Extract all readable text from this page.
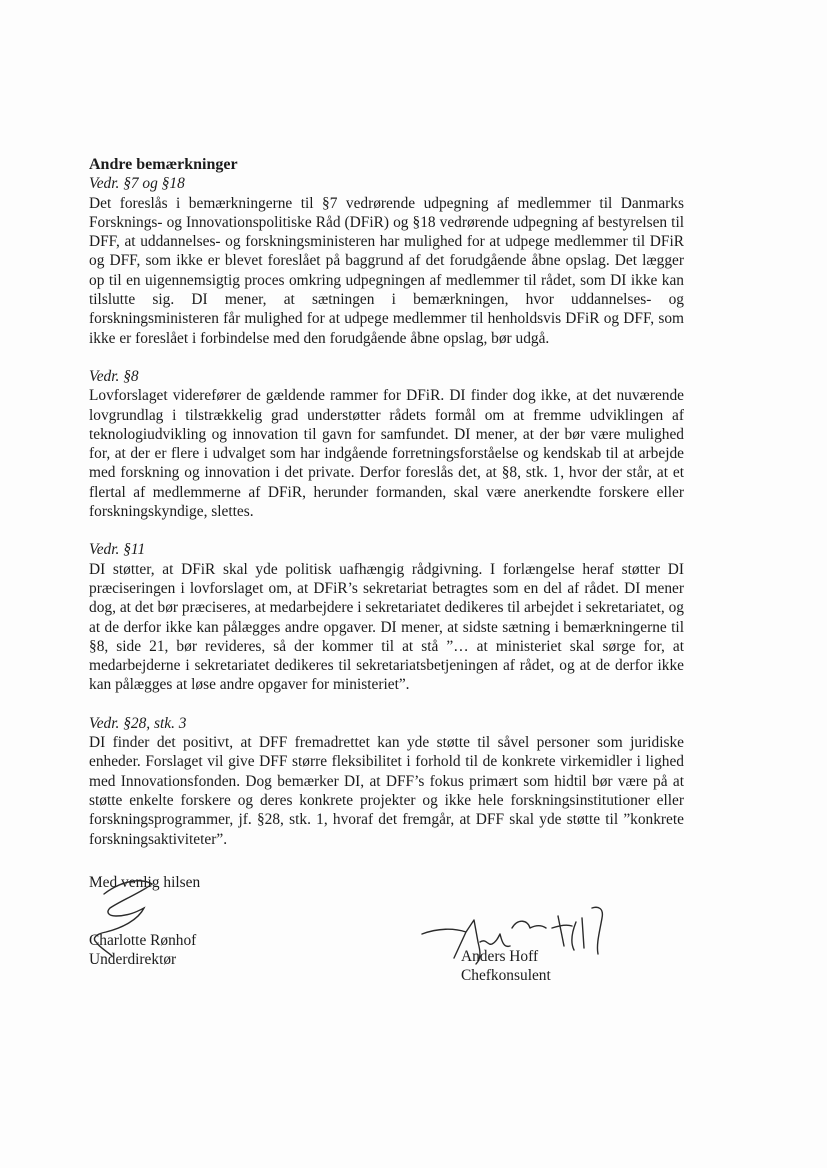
Andre bemærkninger

Vedr. §7 og §18

Det foreslås i bemærkningerne til §7 vedrørende udpegning af medlemmer til Danmarks Forsknings- og Innovationspolitiske Råd (DFiR) og §18 vedrørende udpegning af bestyrelsen til DFF, at uddannelses- og forskningsministeren har mulighed for at udpege medlemmer til DFiR og DFF, som ikke er blevet foreslået på baggrund af det forudgående åbne opslag. Det lægger op til en uigennemsigtig proces omkring udpegningen af medlemmer til rådet, som DI ikke kan tilslutte sig. DI mener, at sætningen i bemærkningen, hvor uddannelses- og forskningsministeren får mulighed for at udpege medlemmer til henholdsvis DFiR og DFF, som ikke er foreslået i forbindelse med den forudgående åbne opslag, bør udgå.

Vedr. §8

Lovforslaget viderefører de gældende rammer for DFiR. DI finder dog ikke, at det nuværende lovgrundlag i tilstrækkelig grad understøtter rådets formål om at fremme udviklingen af teknologiudvikling og innovation til gavn for samfundet. DI mener, at der bør være mulighed for, at der er flere i udvalget som har indgående forretningsforståelse og kendskab til at arbejde med forskning og innovation i det private. Derfor foreslås det, at §8, stk. 1, hvor der står, at et flertal af medlemmerne af DFiR, herunder formanden, skal være anerkendte forskere eller forskningskyndige, slettes.

Vedr. §11

DI støtter, at DFiR skal yde politisk uafhængig rådgivning. I forlængelse heraf støtter DI præciseringen i lovforslaget om, at DFiR’s sekretariat betragtes som en del af rådet. DI mener dog, at det bør præciseres, at medarbejdere i sekretariatet dedikeres til arbejdet i sekretariatet, og at de derfor ikke kan pålægges andre opgaver. DI mener, at sidste sætning i bemærkningerne til §8, side 21, bør revideres, så der kommer til at stå ”… at ministeriet skal sørge for, at medarbejderne i sekretariatet dedikeres til sekretariatsbetjeningen af rådet, og at de derfor ikke kan pålægges at løse andre opgaver for ministeriet”.

Vedr. §28, stk. 3

DI finder det positivt, at DFF fremadrettet kan yde støtte til såvel personer som juridiske enheder. Forslaget vil give DFF større fleksibilitet i forhold til de konkrete virkemidler i lighed med Innovationsfonden. Dog bemærker DI, at DFF’s fokus primært som hidtil bør være på at støtte enkelte forskere og deres konkrete projekter og ikke hele forskningsinstitutioner eller forskningsprogrammer, jf. §28, stk. 1, hvoraf det fremgår, at DFF skal yde støtte til ”konkrete forskningsaktiviteter”.

Med venlig hilsen
Charlotte Rønhof
Underdirektør	Anders Hoff
Chefkonsulent
